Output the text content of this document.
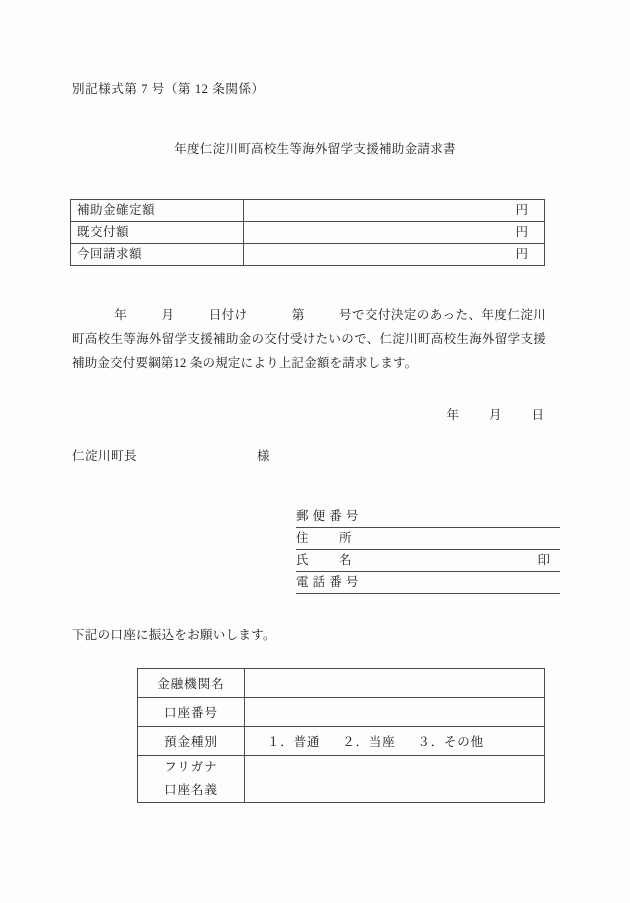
別記様式第 7 号（第 12 条関係）
年度仁淀川町高校生等海外留学支援補助金請求書
補助金確定額	円
既交付額	円
今回請求額	円
年	月	日付け	第	号で交付決定のあった、年度仁淀川町高校生等海外留学支援補助金の交付受けたいので、仁淀川町高校生海外留学支援補助金交付要綱第12 条の規定により上記金額を請求します。
年 月 日
仁淀川町長	様
郵 便 番 号
住 所
氏 名	印
電 話 番 号
下記の口座に振込をお願いします。
金融機関名	
口座番号	
預金種別	１．普通 ２．当座 ３．その他

フリガナ
口座名義	
